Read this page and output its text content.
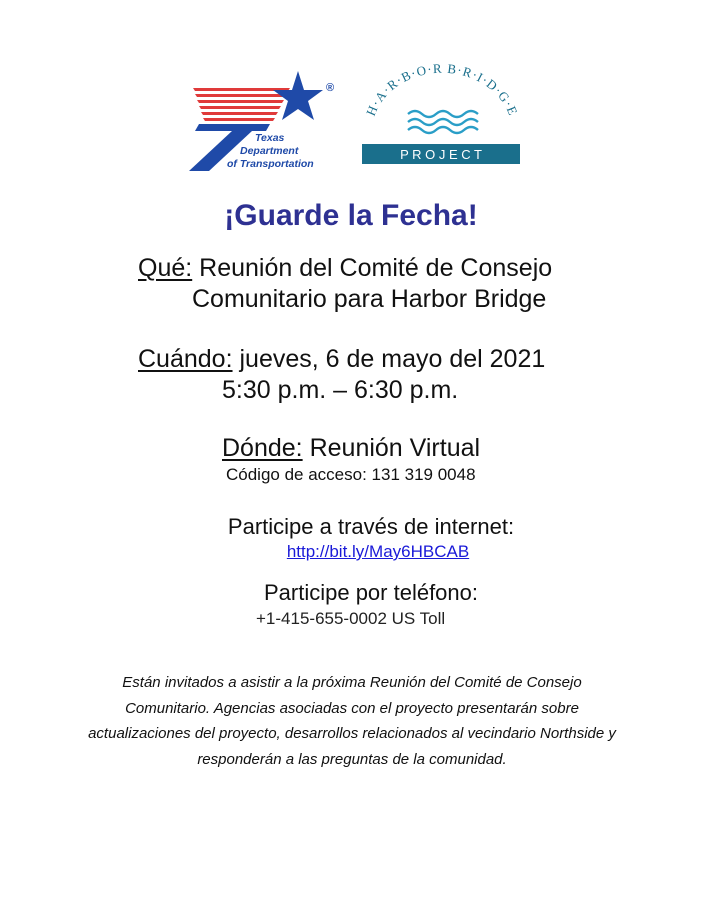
®
Texas
Department
of Transportation
H·A·R·B·O·R B·R·I·D·G·E
P R O J E C T
¡Guarde la Fecha!
Qué: Reunión del Comité de Consejo
Comunitario para Harbor Bridge
Cuándo: jueves, 6 de mayo del 2021
5:30 p.m. – 6:30 p.m.
Dónde: Reunión Virtual
Código de acceso: 131 319 0048
Participe a través de internet:
http://bit.ly/May6HBCAB
Participe por teléfono:
+1-415-655-0002 US Toll
Están invitados a asistir a la próxima Reunión del Comité de Consejo Comunitario. Agencias asociadas con el proyecto presentarán sobre actualizaciones del proyecto, desarrollos relacionados al vecindario Northside y responderán a las preguntas de la comunidad.
